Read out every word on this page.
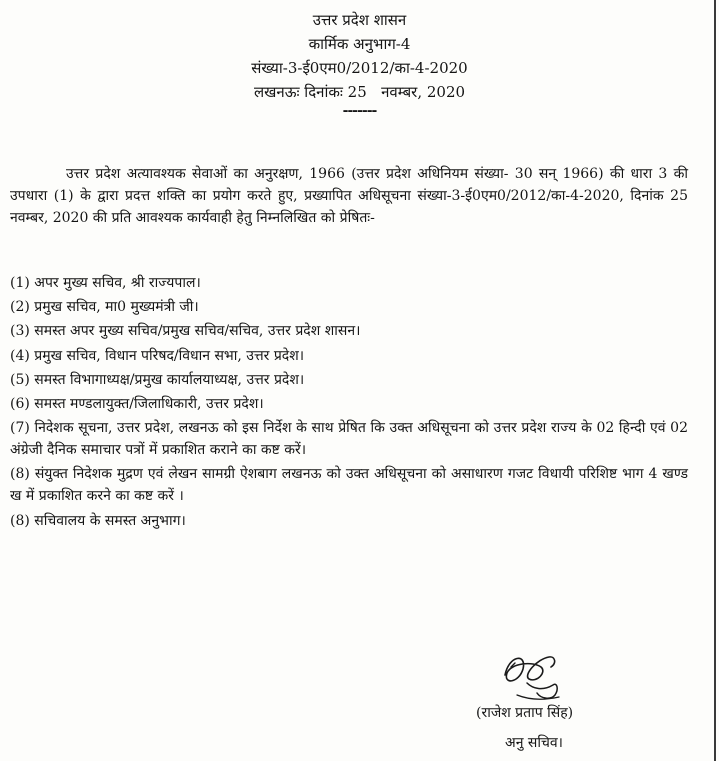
उत्तर प्रदेश शासन
कार्मिक अनुभाग-4
संख्या-3-ई0एम0/2012/का-4-2020
लखनऊः दिनांकः 25   नवम्बर, 2020
-------

उत्तर प्रदेश अत्यावश्यक सेवाओं का अनुरक्षण, 1966 (उत्तर प्रदेश अधिनियम संख्या- 30 सन् 1966) की धारा 3 की उपधारा (1) के द्वारा प्रदत्त शक्ति का प्रयोग करते हुए, प्रख्यापित अधिसूचना संख्या-3-ई0एम0/2012/का-4-2020, दिनांक 25 नवम्बर, 2020 की प्रति आवश्यक कार्यवाही हेतु निम्नलिखित को प्रेषितः-

(1) अपर मुख्य सचिव, श्री राज्यपाल।
(2) प्रमुख सचिव, मा0 मुख्यमंत्री जी।
(3) समस्त अपर मुख्य सचिव/प्रमुख सचिव/सचिव, उत्तर प्रदेश शासन।
(4) प्रमुख सचिव, विधान परिषद/विधान सभा, उत्तर प्रदेश।
(5) समस्त विभागाध्यक्ष/प्रमुख कार्यालयाध्यक्ष, उत्तर प्रदेश।
(6) समस्त मण्डलायुक्त/जिलाधिकारी, उत्तर प्रदेश।
(7) निदेशक सूचना, उत्तर प्रदेश, लखनऊ को इस निर्देश के साथ प्रेषित कि उक्त अधिसूचना को उत्तर प्रदेश राज्य के 02 हिन्दी एवं 02 अंग्रेजी दैनिक समाचार पत्रों में प्रकाशित कराने का कष्ट करें।
(8) संयुक्त निदेशक मुद्रण एवं लेखन सामग्री ऐशबाग लखनऊ को उक्त अधिसूचना को असाधारण गजट विधायी परिशिष्ट भाग 4 खण्ड ख में प्रकाशित करने का कष्ट करें ।
(8) सचिवालय के समस्त अनुभाग।
(राजेश प्रताप सिंह)
अनु सचिव।
